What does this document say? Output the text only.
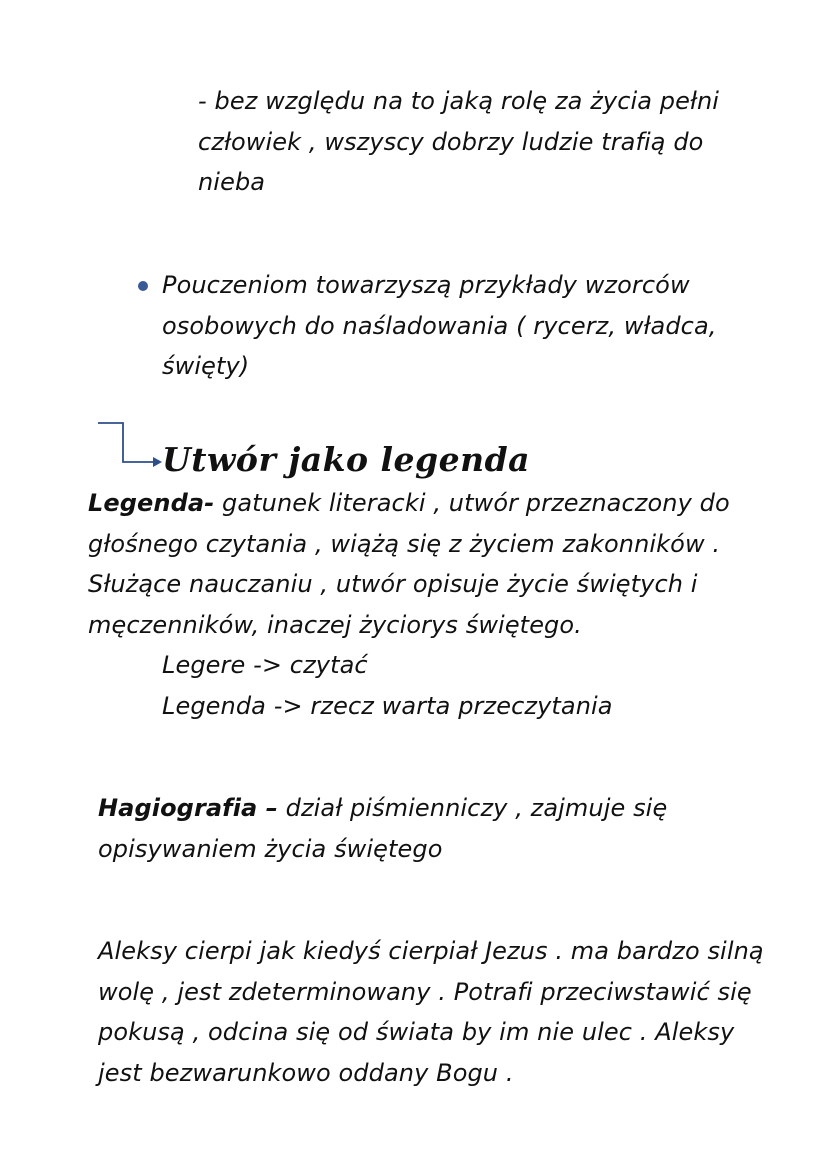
- bez względu na to jaką rolę za życia pełni
człowiek , wszyscy dobrzy ludzie trafią do
nieba
Pouczeniom towarzyszą przykłady wzorców
osobowych do naśladowania ( rycerz, władca,
święty)
Utwór jako legenda
Legenda- gatunek literacki , utwór przeznaczony do
głośnego czytania , wiążą się z życiem zakonników .
Służące nauczaniu , utwór opisuje życie świętych i
męczenników, inaczej życiorys świętego.
Legere -> czytać
Legenda -> rzecz warta przeczytania
Hagiografia – dział piśmienniczy , zajmuje się
opisywaniem życia świętego
Aleksy cierpi jak kiedyś cierpiał Jezus . ma bardzo silną
wolę , jest zdeterminowany . Potrafi przeciwstawić się
pokusą , odcina się od świata by im nie ulec . Aleksy
jest bezwarunkowo oddany Bogu .
